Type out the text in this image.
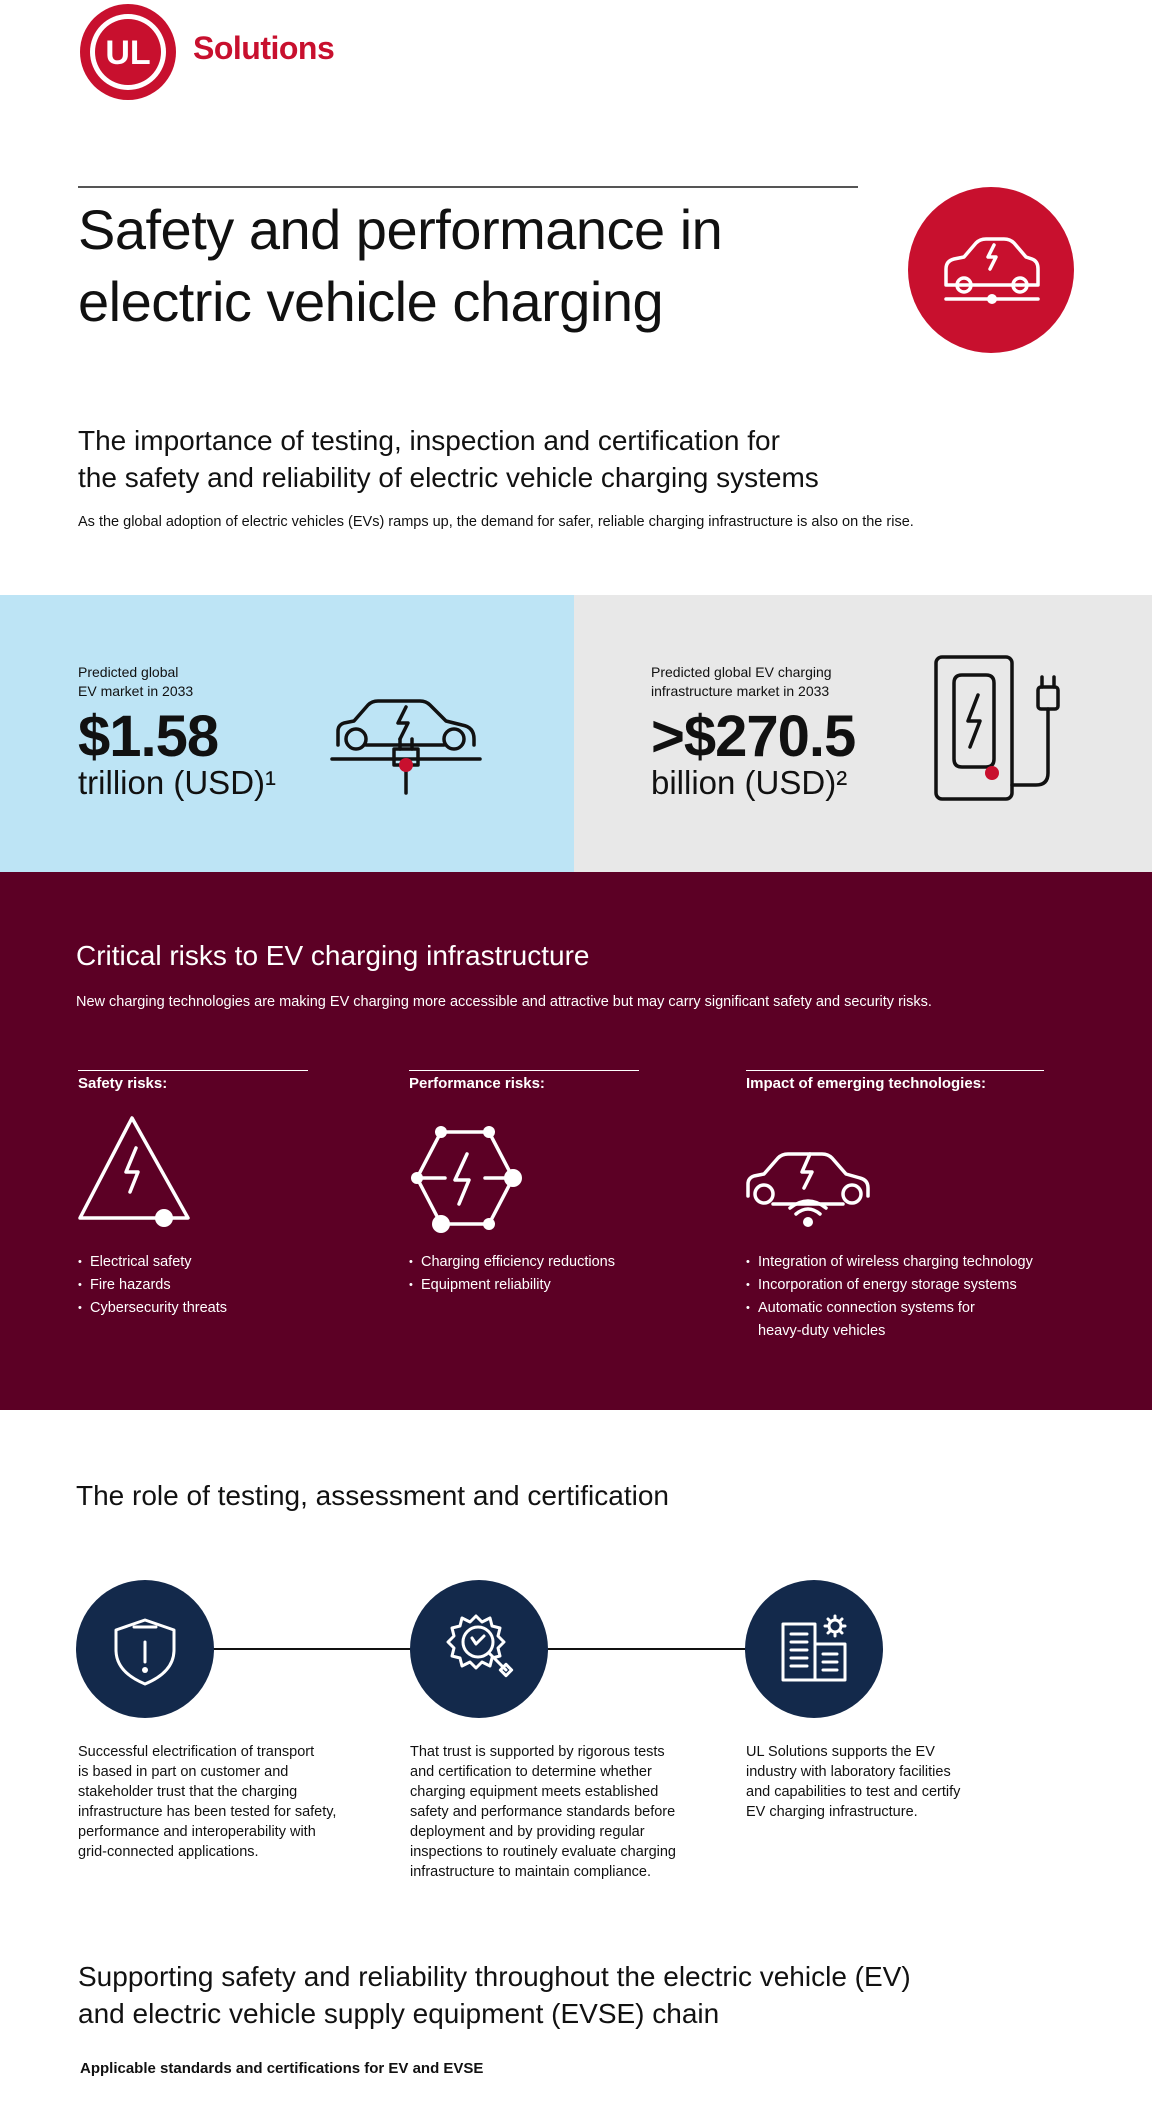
UL Solutions
Safety and performance in
electric vehicle charging
The importance of testing, inspection and certification for
the safety and reliability of electric vehicle charging systems

As the global adoption of electric vehicles (EVs) ramps up, the demand for safer, reliable charging infrastructure is also on the rise.

Predicted global
EV market in 2033
$1.58
trillion (USD)¹
Predicted global EV charging
infrastructure market in 2033
>$270.5
billion (USD)²
Critical risks to EV charging infrastructure

New charging technologies are making EV charging more accessible and attractive but may carry significant safety and security risks.

Safety risks:
• Electrical safety
• Fire hazards
• Cybersecurity threats
Performance risks:
• Charging efficiency reductions
• Equipment reliability
Impact of emerging technologies:
• Integration of wireless charging technology
• Incorporation of energy storage systems
• Automatic connection systems for
heavy-duty vehicles
The role of testing, assessment and certification
Successful electrification of transport
is based in part on customer and
stakeholder trust that the charging
infrastructure has been tested for safety,
performance and interoperability with
grid-connected applications.
That trust is supported by rigorous tests
and certification to determine whether
charging equipment meets established
safety and performance standards before
deployment and by providing regular
inspections to routinely evaluate charging
infrastructure to maintain compliance.
UL Solutions supports the EV
industry with laboratory facilities
and capabilities to test and certify
EV charging infrastructure.
Supporting safety and reliability throughout the electric vehicle (EV)
and electric vehicle supply equipment (EVSE) chain
Applicable standards and certifications for EV and EVSE
